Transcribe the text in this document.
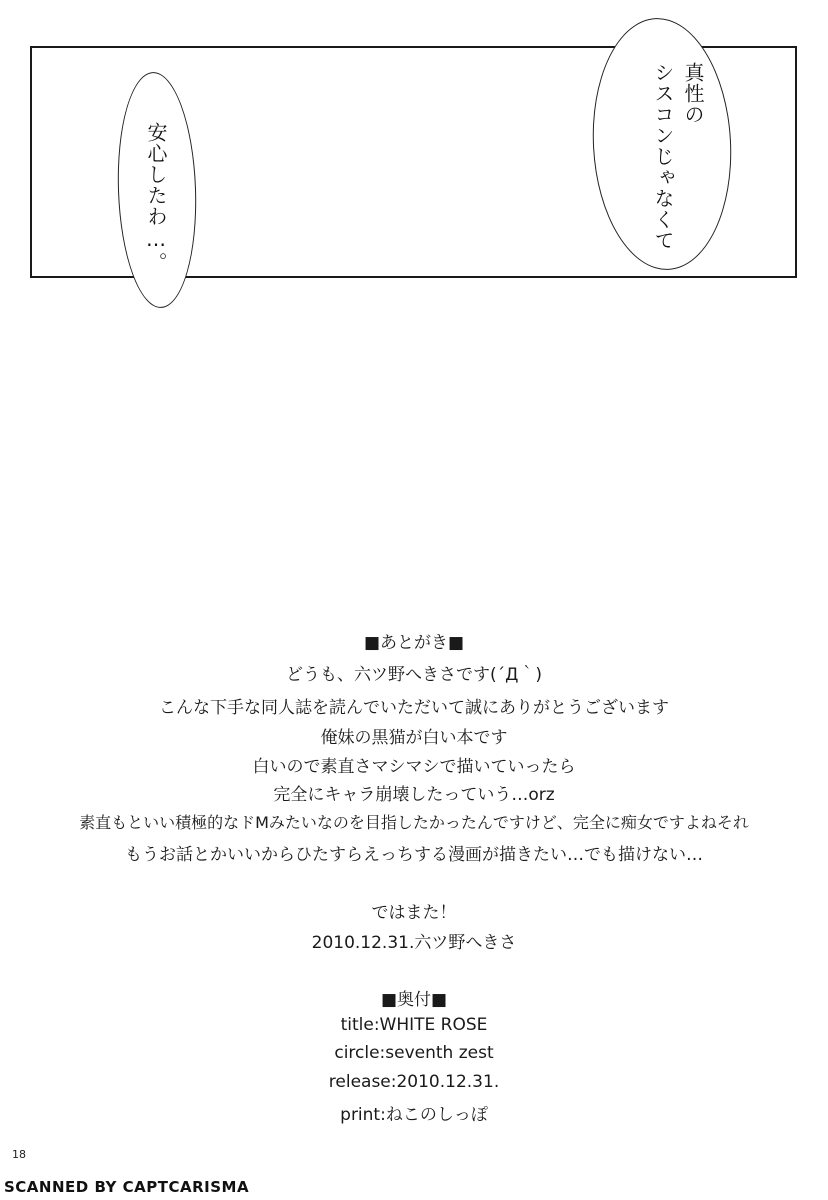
安心したわ…。
真性の
シスコンじゃなくて
■あとがき■
どうも、六ツ野へきさです(´Д｀)
こんな下手な同人誌を読んでいただいて誠にありがとうございます
俺妹の黒猫が白い本です
白いので素直さマシマシで描いていったら
完全にキャラ崩壊したっていう…orz
素直もといい積極的なドMみたいなのを目指したかったんですけど、完全に痴女ですよねそれ
もうお話とかいいからひたすらえっちする漫画が描きたい…でも描けない…
ではまた！
2010.12.31.六ツ野へきさ
■奥付■
title:WHITE ROSE
circle:seventh zest
release:2010.12.31.
print:ねこのしっぽ
18
SCANNED BY CAPTCARISMA
